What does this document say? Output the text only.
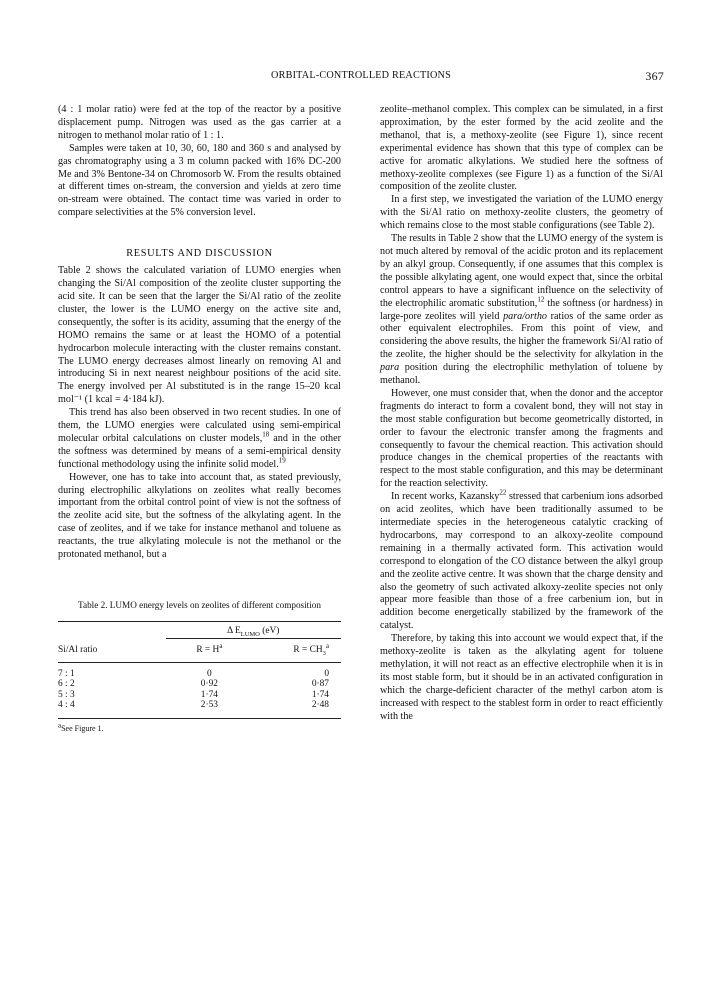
ORBITAL-CONTROLLED REACTIONS	367

(4 : 1 molar ratio) were fed at the top of the reactor by a positive displacement pump. Nitrogen was used as the gas carrier at a nitrogen to methanol molar ratio of 1 : 1.

Samples were taken at 10, 30, 60, 180 and 360 s and analysed by gas chromatography using a 3 m column packed with 16% DC-200 Me and 3% Bentone-34 on Chromosorb W. From the results obtained at different times on-stream, the conversion and yields at zero time on-stream were obtained. The contact time was varied in order to compare selectivities at the 5% conversion level.

RESULTS AND DISCUSSION

Table 2 shows the calculated variation of LUMO energies when changing the Si/Al composition of the zeolite cluster supporting the acid site. It can be seen that the larger the Si/Al ratio of the zeolite cluster, the lower is the LUMO energy on the active site and, consequently, the softer is its acidity, assuming that the energy of the HOMO remains the same or at least the HOMO of a potential hydrocarbon molecule interacting with the cluster remains constant. The LUMO energy decreases almost linearly on removing Al and introducing Si in next nearest neighbour positions of the acid site. The energy involved per Al substituted is in the range 15–20 kcal mol⁻¹ (1 kcal = 4·184 kJ).

This trend has also been observed in two recent studies. In one of them, the LUMO energies were calculated using semi-empirical molecular orbital calculations on cluster models,$^{18}$ and in the other the softness was determined by means of a semi-empirical density functional methodology using the infinite solid model.$^{19}$

However, one has to take into account that, as stated previously, during electrophilic alkylations on zeolites what really becomes important from the orbital control point of view is not the softness of the zeolite acid site, but the softness of the alkylating agent. In the case of zeolites, and if we take for instance methanol and toluene as reactants, the true alkylating molecule is not the methanol or the protonated methanol, but a

Table 2. LUMO energy levels on zeolites of different composition
	Δ $E_{LUMO}$ (eV)	

Si/Al ratio	$R = H^a$	$R = CH_3^a$
7 : 1	0	0
6 : 2	0·92	0·87
5 : 3	1·74	1·74
4 : 4	2·53	2·48
$^a$See Figure 1.

zeolite–methanol complex. This complex can be simulated, in a first approximation, by the ester formed by the acid zeolite and the methanol, that is, a methoxy-zeolite (see Figure 1), since recent experimental evidence has shown that this type of complex can be active for aromatic alkylations. We studied here the softness of methoxy-zeolite complexes (see Figure 1) as a function of the Si/Al composition of the zeolite cluster.

In a first step, we investigated the variation of the LUMO energy with the Si/Al ratio on methoxy-zeolite clusters, the geometry of which remains close to the most stable configurations (see Table 2).

The results in Table 2 show that the LUMO energy of the system is not much altered by removal of the acidic proton and its replacement by an alkyl group. Consequently, if one assumes that this complex is the possible alkylating agent, one would expect that, since the orbital control appears to have a significant influence on the selectivity of the electrophilic aromatic substitution,$^{12}$ the softness (or hardness) in large-pore zeolites will yield para/ortho ratios of the same order as other equivalent electrophiles. From this point of view, and considering the above results, the higher the framework Si/Al ratio of the zeolite, the higher should be the selectivity for alkylation in the para position during the electrophilic methylation of toluene by methanol.

However, one must consider that, when the donor and the acceptor fragments do interact to form a covalent bond, they will not stay in the most stable configuration but become geometrically distorted, in order to favour the electronic transfer among the fragments and consequently to favour the chemical reaction. This activation should produce changes in the chemical properties of the reactants with respect to the most stable configuration, and this may be determinant for the reaction selectivity.

In recent works, Kazansky$^{22}$ stressed that carbenium ions adsorbed on acid zeolites, which have been traditionally assumed to be intermediate species in the heterogeneous catalytic cracking of hydrocarbons, may correspond to an alkoxy-zeolite compound remaining in a thermally activated form. This activation would correspond to elongation of the CO distance between the alkyl group and the zeolite active centre. It was shown that the charge density and also the geometry of such activated alkoxy-zeolite species not only appear more feasible than those of a free carbenium ion, but in addition become energetically stabilized by the framework of the catalyst.

Therefore, by taking this into account we would expect that, if the methoxy-zeolite is taken as the alkylating agent for toluene methylation, it will not react as an effective electrophile when it is in its most stable form, but it should be in an activated configuration in which the charge-deficient character of the methyl carbon atom is increased with respect to the stablest form in order to react efficiently with the
